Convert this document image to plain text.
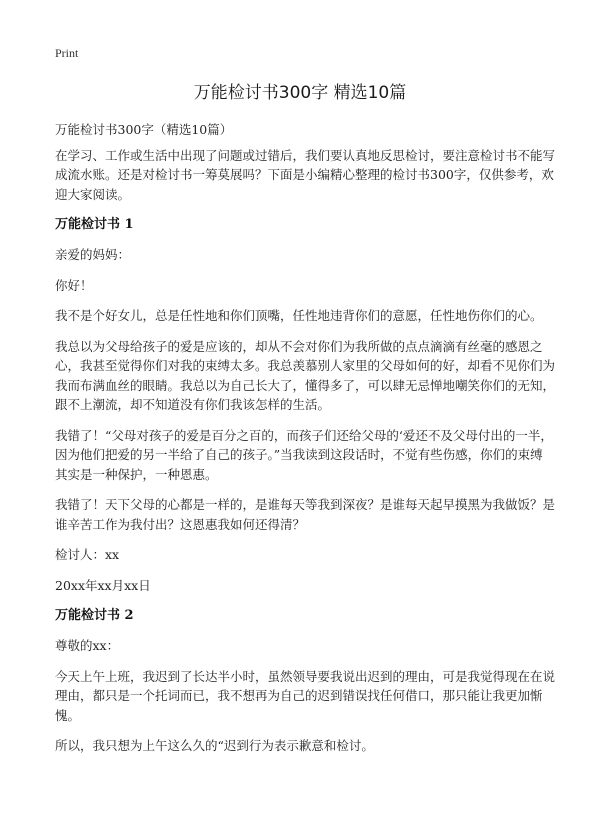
Print
万能检讨书300字 精选10篇

万能检讨书300字（精选10篇）

在学习、工作或生活中出现了问题或过错后，我们要认真地反思检讨，要注意检讨书不能写成流水账。还是对检讨书一筹莫展吗？下面是小编精心整理的检讨书300字，仅供参考，欢迎大家阅读。

万能检讨书 1

亲爱的妈妈：

你好！

我不是个好女儿，总是任性地和你们顶嘴，任性地违背你们的意愿，任性地伤你们的心。

我总以为父母给孩子的爱是应该的，却从不会对你们为我所做的点点滴滴有丝毫的感恩之心，我甚至觉得你们对我的束缚太多。我总羡慕别人家里的父母如何的好，却看不见你们为我而布满血丝的眼睛。我总以为自己长大了，懂得多了，可以肆无忌惮地嘲笑你们的无知，跟不上潮流，却不知道没有你们我该怎样的生活。

我错了！“父母对孩子的爱是百分之百的，而孩子们还给父母的‘爱还不及父母付出的一半，因为他们把爱的另一半给了自己的孩子。”当我读到这段话时，不觉有些伤感，你们的束缚其实是一种保护，一种恩惠。

我错了！天下父母的心都是一样的，是谁每天等我到深夜？是谁每天起早摸黑为我做饭？是谁辛苦工作为我付出？这恩惠我如何还得清？

检讨人：xx

20xx年xx月xx日

万能检讨书 2

尊敬的xx：

今天上午上班，我迟到了长达半小时，虽然领导要我说出迟到的理由，可是我觉得现在在说理由，都只是一个托词而已，我不想再为自己的迟到错误找任何借口，那只能让我更加惭愧。

所以，我只想为上午这么久的“迟到行为表示歉意和检讨。
